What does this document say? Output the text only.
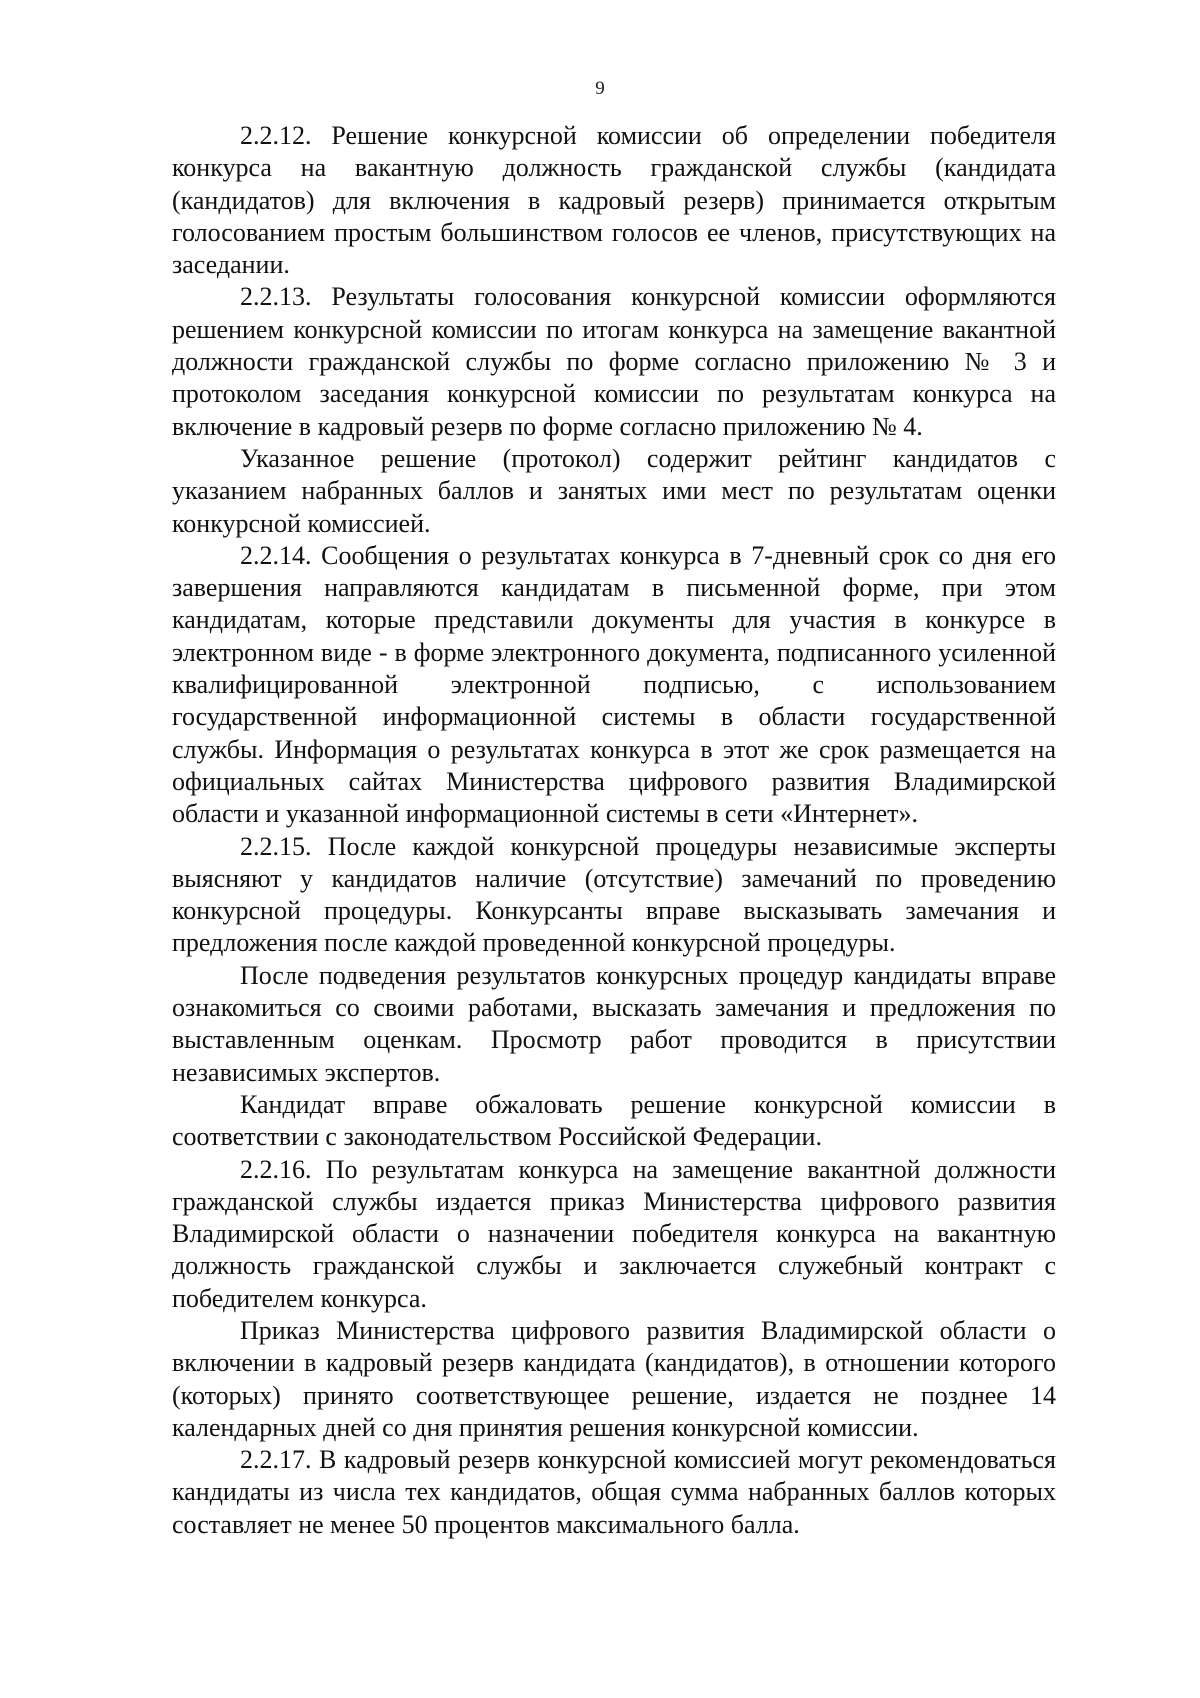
9

2.2.12. Решение конкурсной комиссии об определении победителя конкурса на вакантную должность гражданской службы (кандидата (кандидатов) для включения в кадровый резерв) принимается открытым голосованием простым большинством голосов ее членов, присутствующих на заседании.

2.2.13. Результаты голосования конкурсной комиссии оформляются решением конкурсной комиссии по итогам конкурса на замещение вакантной должности гражданской службы по форме согласно приложению № 3 и протоколом заседания конкурсной комиссии по результатам конкурса на включение в кадровый резерв по форме согласно приложению № 4.

Указанное решение (протокол) содержит рейтинг кандидатов с указанием набранных баллов и занятых ими мест по результатам оценки конкурсной комиссией.

2.2.14. Сообщения о результатах конкурса в 7-дневный срок со дня его завершения направляются кандидатам в письменной форме, при этом кандидатам, которые представили документы для участия в конкурсе в электронном виде - в форме электронного документа, подписанного усиленной квалифицированной электронной подписью, с использованием государственной информационной системы в области государственной службы. Информация о результатах конкурса в этот же срок размещается на официальных сайтах Министерства цифрового развития Владимирской области и указанной информационной системы в сети «Интернет».

2.2.15. После каждой конкурсной процедуры независимые эксперты выясняют у кандидатов наличие (отсутствие) замечаний по проведению конкурсной процедуры. Конкурсанты вправе высказывать замечания и предложения после каждой проведенной конкурсной процедуры.

После подведения результатов конкурсных процедур кандидаты вправе ознакомиться со своими работами, высказать замечания и предложения по выставленным оценкам. Просмотр работ проводится в присутствии независимых экспертов.

Кандидат вправе обжаловать решение конкурсной комиссии в соответствии с законодательством Российской Федерации.

2.2.16. По результатам конкурса на замещение вакантной должности гражданской службы издается приказ Министерства цифрового развития Владимирской области о назначении победителя конкурса на вакантную должность гражданской службы и заключается служебный контракт с победителем конкурса.

Приказ Министерства цифрового развития Владимирской области о включении в кадровый резерв кандидата (кандидатов), в отношении которого (которых) принято соответствующее решение, издается не позднее 14 календарных дней со дня принятия решения конкурсной комиссии.

2.2.17. В кадровый резерв конкурсной комиссией могут рекомендоваться кандидаты из числа тех кандидатов, общая сумма набранных баллов которых составляет не менее 50 процентов максимального балла.
